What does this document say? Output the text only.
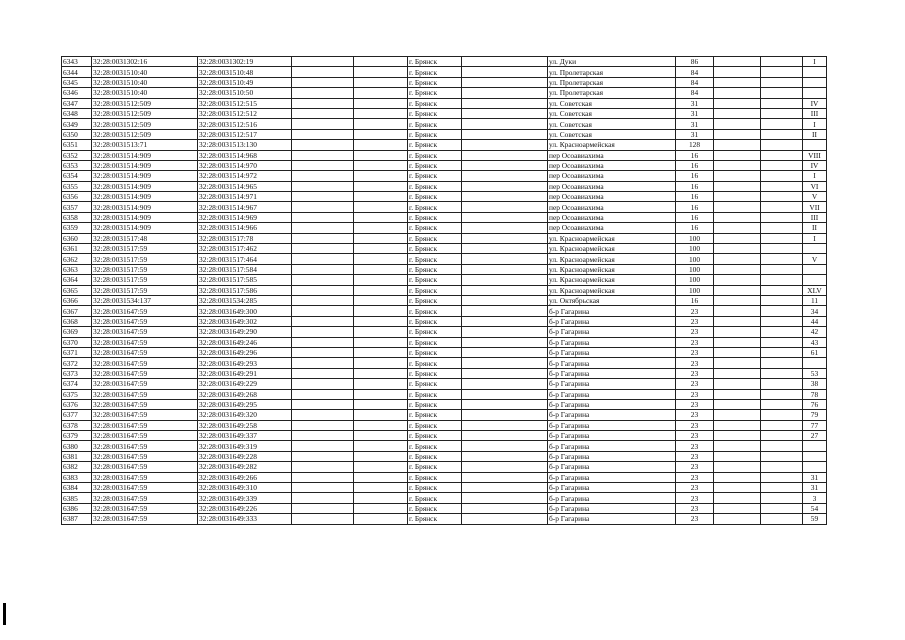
6343	32:28:0031302:16	32:28:0031302:19			г. Брянск		ул. Дуки	86			I
6344	32:28:0031510:40	32:28:0031510:48			г. Брянск		ул. Пролетарская	84			
6345	32:28:0031510:40	32:28:0031510:49			г. Брянск		ул. Пролетарская	84			
6346	32:28:0031510:40	32:28:0031510:50			г. Брянск		ул. Пролетарская	84			
6347	32:28:0031512:509	32:28:0031512:515			г. Брянск		ул. Советская	31			IV
6348	32:28:0031512:509	32:28:0031512:512			г. Брянск		ул. Советская	31			III
6349	32:28:0031512:509	32:28:0031512:516			г. Брянск		ул. Советская	31			I
6350	32:28:0031512:509	32:28:0031512:517			г. Брянск		ул. Советская	31			II
6351	32:28:0031513:71	32:28:0031513:130			г. Брянск		ул. Красноармейская	128			
6352	32:28:0031514:909	32:28:0031514:968			г. Брянск		пер Осоавиахима	16			VIII
6353	32:28:0031514:909	32:28:0031514:970			г. Брянск		пер Осоавиахима	16			IV
6354	32:28:0031514:909	32:28:0031514:972			г. Брянск		пер Осоавиахима	16			I
6355	32:28:0031514:909	32:28:0031514:965			г. Брянск		пер Осоавиахима	16			VI
6356	32:28:0031514:909	32:28:0031514:971			г. Брянск		пер Осоавиахима	16			V
6357	32:28:0031514:909	32:28:0031514:967			г. Брянск		пер Осоавиахима	16			VII
6358	32:28:0031514:909	32:28:0031514:969			г. Брянск		пер Осоавиахима	16			III
6359	32:28:0031514:909	32:28:0031514:966			г. Брянск		пер Осоавиахима	16			II
6360	32:28:0031517:48	32:28:0031517:78			г. Брянск		ул. Красноармейская	100			I
6361	32:28:0031517:59	32:28:0031517:462			г. Брянск		ул. Красноармейская	100			
6362	32:28:0031517:59	32:28:0031517:464			г. Брянск		ул. Красноармейская	100			V
6363	32:28:0031517:59	32:28:0031517:584			г. Брянск		ул. Красноармейская	100			
6364	32:28:0031517:59	32:28:0031517:585			г. Брянск		ул. Красноармейская	100			
6365	32:28:0031517:59	32:28:0031517:586			г. Брянск		ул. Красноармейская	100			XLV
6366	32:28:0031534:137	32:28:0031534:285			г. Брянск		ул. Октябрьская	16			11
6367	32:28:0031647:59	32:28:0031649:300			г. Брянск		б-р Гагарина	23			34
6368	32:28:0031647:59	32:28:0031649:302			г. Брянск		б-р Гагарина	23			44
6369	32:28:0031647:59	32:28:0031649:290			г. Брянск		б-р Гагарина	23			42
6370	32:28:0031647:59	32:28:0031649:246			г. Брянск		б-р Гагарина	23			43
6371	32:28:0031647:59	32:28:0031649:296			г. Брянск		б-р Гагарина	23			61
6372	32:28:0031647:59	32:28:0031649:293			г. Брянск		б-р Гагарина	23			
6373	32:28:0031647:59	32:28:0031649:291			г. Брянск		б-р Гагарина	23			53
6374	32:28:0031647:59	32:28:0031649:229			г. Брянск		б-р Гагарина	23			38
6375	32:28:0031647:59	32:28:0031649:268			г. Брянск		б-р Гагарина	23			78
6376	32:28:0031647:59	32:28:0031649:295			г. Брянск		б-р Гагарина	23			76
6377	32:28:0031647:59	32:28:0031649:320			г. Брянск		б-р Гагарина	23			79
6378	32:28:0031647:59	32:28:0031649:258			г. Брянск		б-р Гагарина	23			77
6379	32:28:0031647:59	32:28:0031649:337			г. Брянск		б-р Гагарина	23			27
6380	32:28:0031647:59	32:28:0031649:319			г. Брянск		б-р Гагарина	23			
6381	32:28:0031647:59	32:28:0031649:228			г. Брянск		б-р Гагарина	23			
6382	32:28:0031647:59	32:28:0031649:282			г. Брянск		б-р Гагарина	23			
6383	32:28:0031647:59	32:28:0031649:266			г. Брянск		б-р Гагарина	23			31
6384	32:28:0031647:59	32:28:0031649:310			г. Брянск		б-р Гагарина	23			31
6385	32:28:0031647:59	32:28:0031649:339			г. Брянск		б-р Гагарина	23			3
6386	32:28:0031647:59	32:28:0031649:226			г. Брянск		б-р Гагарина	23			54
6387	32:28:0031647:59	32:28:0031649:333			г. Брянск		б-р Гагарина	23			59
